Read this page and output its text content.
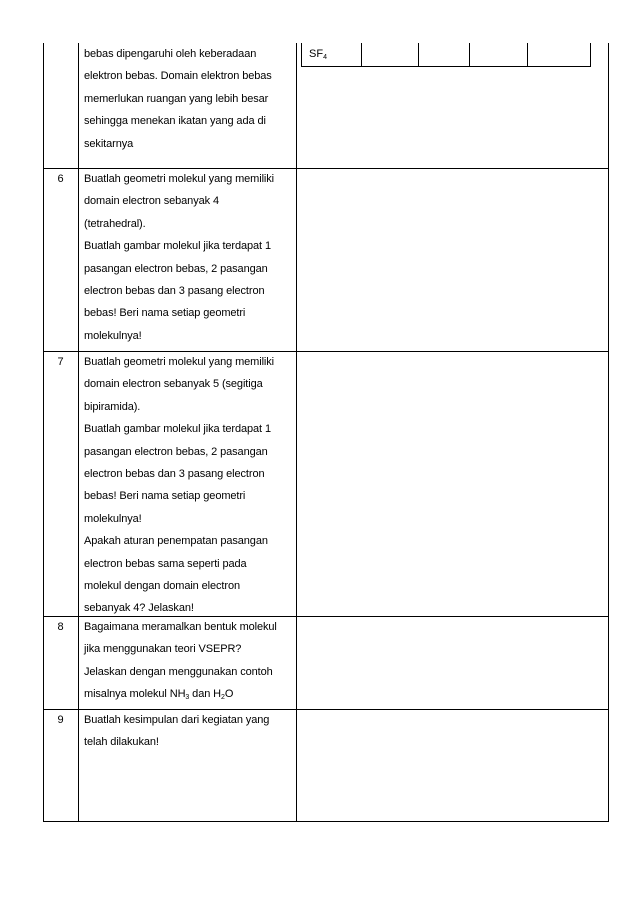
bebas dipengaruhi oleh keberadaan
elektron bebas. Domain elektron bebas
memerlukan ruangan yang lebih besar
sehingga menekan ikatan yang ada di
sekitarnya
$SF_4$
6	Buatlah geometri molekul yang memiliki
domain electron sebanyak 4
(tetrahedral).
Buatlah gambar molekul jika terdapat 1
pasangan electron bebas, 2 pasangan
electron bebas dan 3 pasang electron
bebas! Beri nama setiap geometri
molekulnya!
7	Buatlah geometri molekul yang memiliki
domain electron sebanyak 5 (segitiga
bipiramida).
Buatlah gambar molekul jika terdapat 1
pasangan electron bebas, 2 pasangan
electron bebas dan 3 pasang electron
bebas! Beri nama setiap geometri
molekulnya!
Apakah aturan penempatan pasangan
electron bebas sama seperti pada
molekul dengan domain electron
sebanyak 4? Jelaskan!
8	Bagaimana meramalkan bentuk molekul
jika menggunakan teori VSEPR?
Jelaskan dengan menggunakan contoh
misalnya molekul $NH_3$ dan $H_2O$
9	Buatlah kesimpulan dari kegiatan yang
telah dilakukan!
